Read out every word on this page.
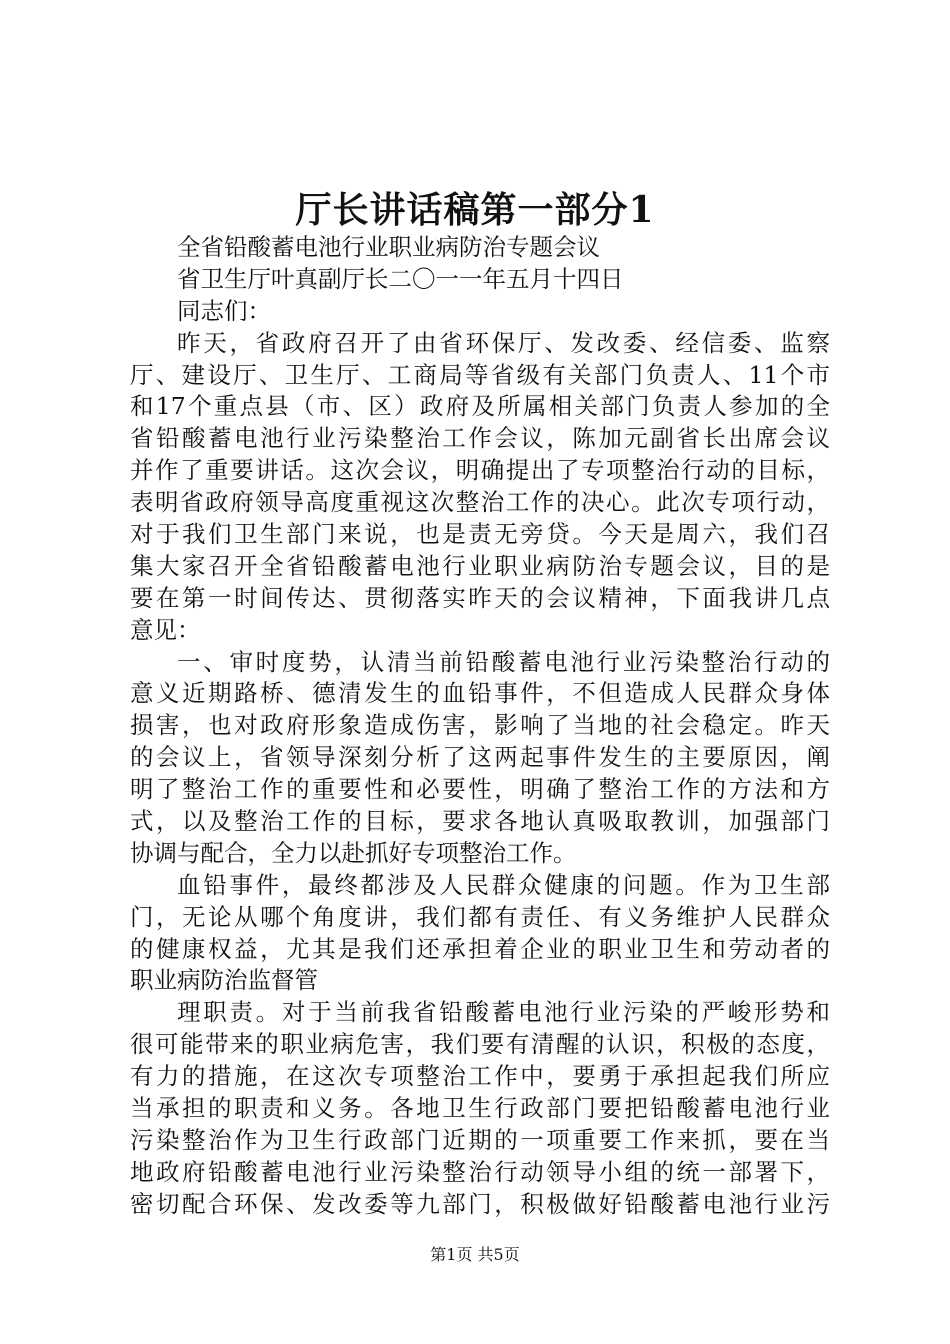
厅长讲话稿第一部分1
全省铅酸蓄电池行业职业病防治专题会议
省卫生厅叶真副厅长二〇一一年五月十四日
同志们：
昨天，省政府召开了由省环保厅、发改委、经信委、监察
厅、建设厅、卫生厅、工商局等省级有关部门负责人、11个市
和17个重点县（市、区）政府及所属相关部门负责人参加的全
省铅酸蓄电池行业污染整治工作会议，陈加元副省长出席会议
并作了重要讲话。这次会议，明确提出了专项整治行动的目标，
表明省政府领导高度重视这次整治工作的决心。此次专项行动，
对于我们卫生部门来说，也是责无旁贷。今天是周六，我们召
集大家召开全省铅酸蓄电池行业职业病防治专题会议，目的是
要在第一时间传达、贯彻落实昨天的会议精神，下面我讲几点
意见：
一、审时度势，认清当前铅酸蓄电池行业污染整治行动的
意义近期路桥、德清发生的血铅事件，不但造成人民群众身体
损害，也对政府形象造成伤害，影响了当地的社会稳定。昨天
的会议上，省领导深刻分析了这两起事件发生的主要原因，阐
明了整治工作的重要性和必要性，明确了整治工作的方法和方
式，以及整治工作的目标，要求各地认真吸取教训，加强部门
协调与配合，全力以赴抓好专项整治工作。
血铅事件，最终都涉及人民群众健康的问题。作为卫生部
门，无论从哪个角度讲，我们都有责任、有义务维护人民群众
的健康权益，尤其是我们还承担着企业的职业卫生和劳动者的
职业病防治监督管
理职责。对于当前我省铅酸蓄电池行业污染的严峻形势和
很可能带来的职业病危害，我们要有清醒的认识，积极的态度，
有力的措施，在这次专项整治工作中，要勇于承担起我们所应
当承担的职责和义务。各地卫生行政部门要把铅酸蓄电池行业
污染整治作为卫生行政部门近期的一项重要工作来抓，要在当
地政府铅酸蓄电池行业污染整治行动领导小组的统一部署下，
密切配合环保、发改委等九部门，积极做好铅酸蓄电池行业污
第1页 共5页
